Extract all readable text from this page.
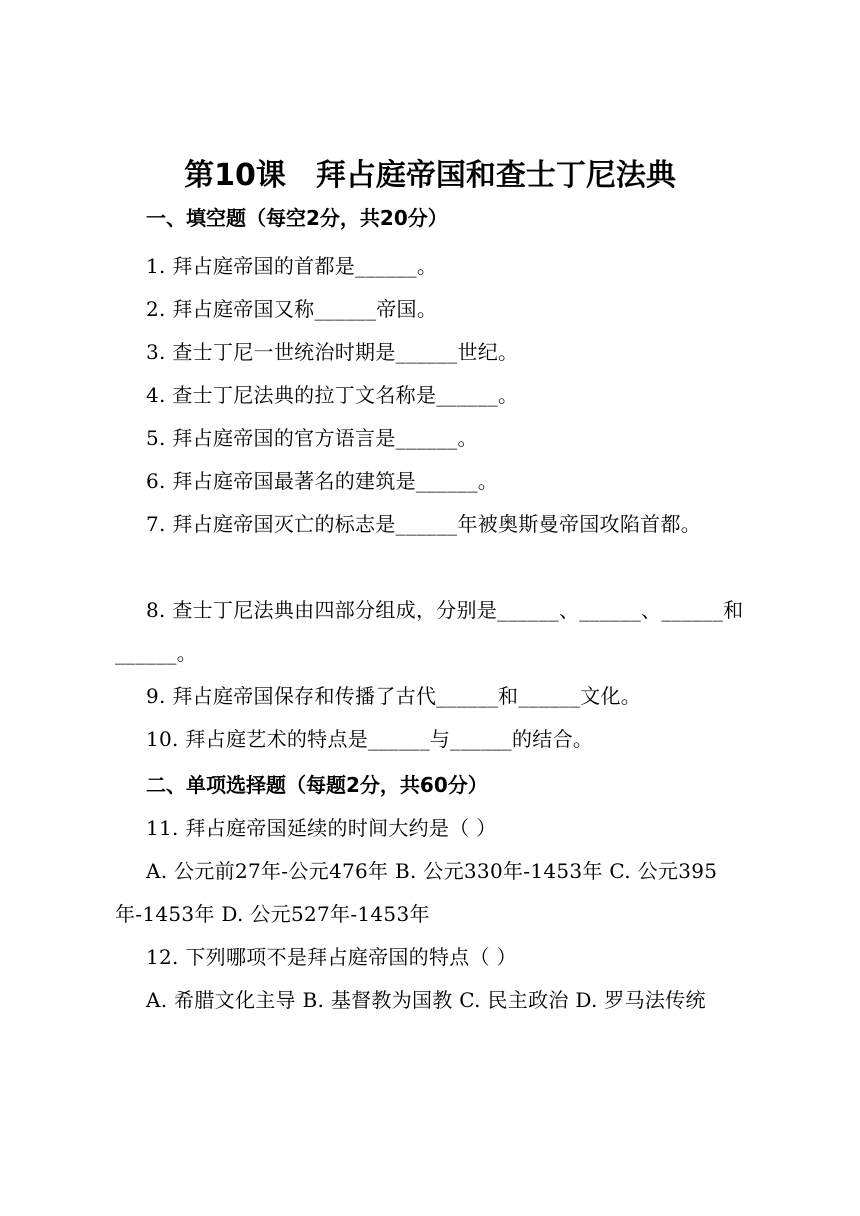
第10课　拜占庭帝国和查士丁尼法典
一、填空题（每空2分，共20分）
1. 拜占庭帝国的首都是______。
2. 拜占庭帝国又称______帝国。
3. 查士丁尼一世统治时期是______世纪。
4. 查士丁尼法典的拉丁文名称是______。
5. 拜占庭帝国的官方语言是______。
6. 拜占庭帝国最著名的建筑是______。
7. 拜占庭帝国灭亡的标志是______年被奥斯曼帝国攻陷首都。
8. 查士丁尼法典由四部分组成，分别是______、______、______和______。
9. 拜占庭帝国保存和传播了古代______和______文化。
10. 拜占庭艺术的特点是______与______的结合。
二、单项选择题（每题2分，共60分）
11. 拜占庭帝国延续的时间大约是（ ）
A. 公元前27年-公元476年 B. 公元330年-1453年 C. 公元395年-1453年 D. 公元527年-1453年
12. 下列哪项不是拜占庭帝国的特点（ ）
A. 希腊文化主导 B. 基督教为国教 C. 民主政治 D. 罗马法传统
